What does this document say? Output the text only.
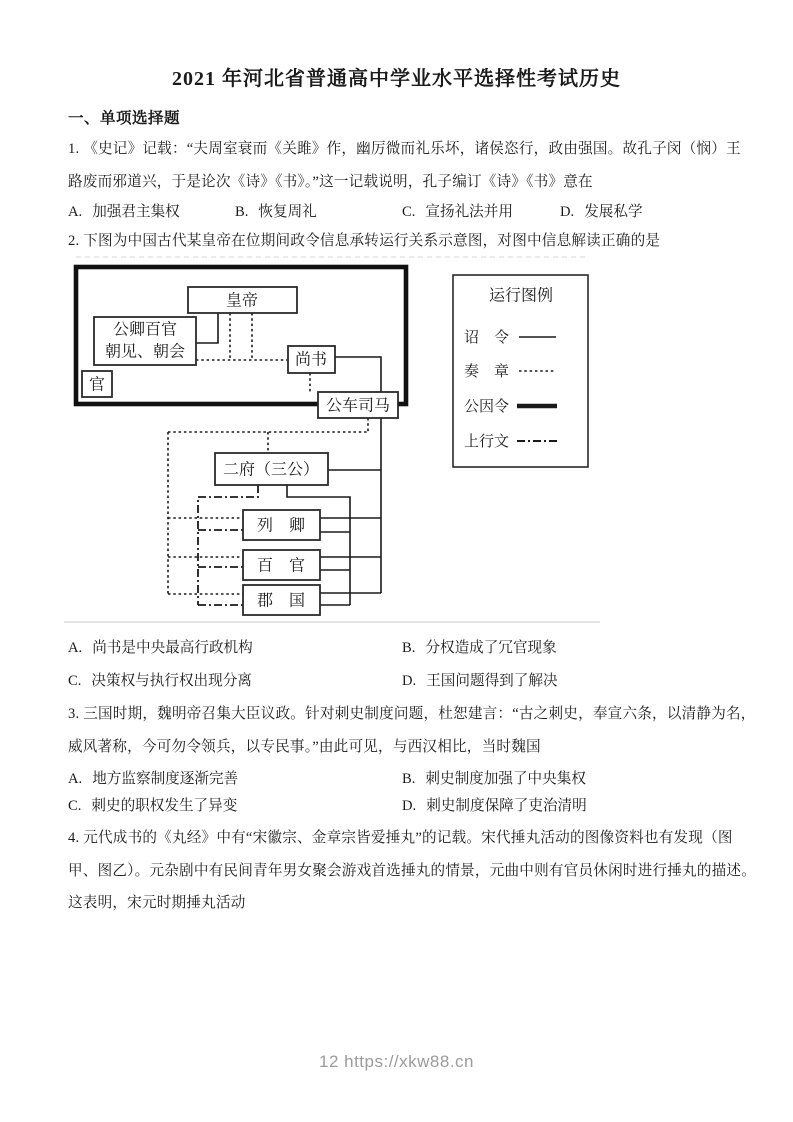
2021 年河北省普通高中学业水平选择性考试历史
一、单项选择题
1. 《史记》记载：“夫周室衰而《关雎》作，幽厉微而礼乐坏，诸侯恣行，政由强国。故孔子闵（悯）王
路废而邪道兴，于是论次《诗》《书》。”这一记载说明，孔子编订《诗》《书》意在
A. 加强君主集权	B. 恢复周礼	C. 宣扬礼法并用	D. 发展私学
2. 下图为中国古代某皇帝在位期间政令信息承转运行关系示意图，对图中信息解读正确的是
皇帝
公卿百官
朝见、朝会
官
尚书
公车司马
二府（三公）
列　卿
百　官
郡　国
运行图例
诏　令
奏　章
公因令
上行文
A. 尚书是中央最高行政机构	B. 分权造成了冗官现象
C. 决策权与执行权出现分离	D. 王国问题得到了解决
3. 三国时期，魏明帝召集大臣议政。针对刺史制度问题，杜恕建言：“古之刺史，奉宣六条，以清静为名，
威风著称，今可勿令领兵，以专民事。”由此可见，与西汉相比，当时魏国
A. 地方监察制度逐渐完善	B. 刺史制度加强了中央集权
C. 刺史的职权发生了异变	D. 刺史制度保障了吏治清明
4. 元代成书的《丸经》中有“宋徽宗、金章宗皆爱捶丸”的记载。宋代捶丸活动的图像资料也有发现（图
甲、图乙）。元杂剧中有民间青年男女聚会游戏首选捶丸的情景，元曲中则有官员休闲时进行捶丸的描述。
这表明，宋元时期捶丸活动
12 https://xkw88.cn
